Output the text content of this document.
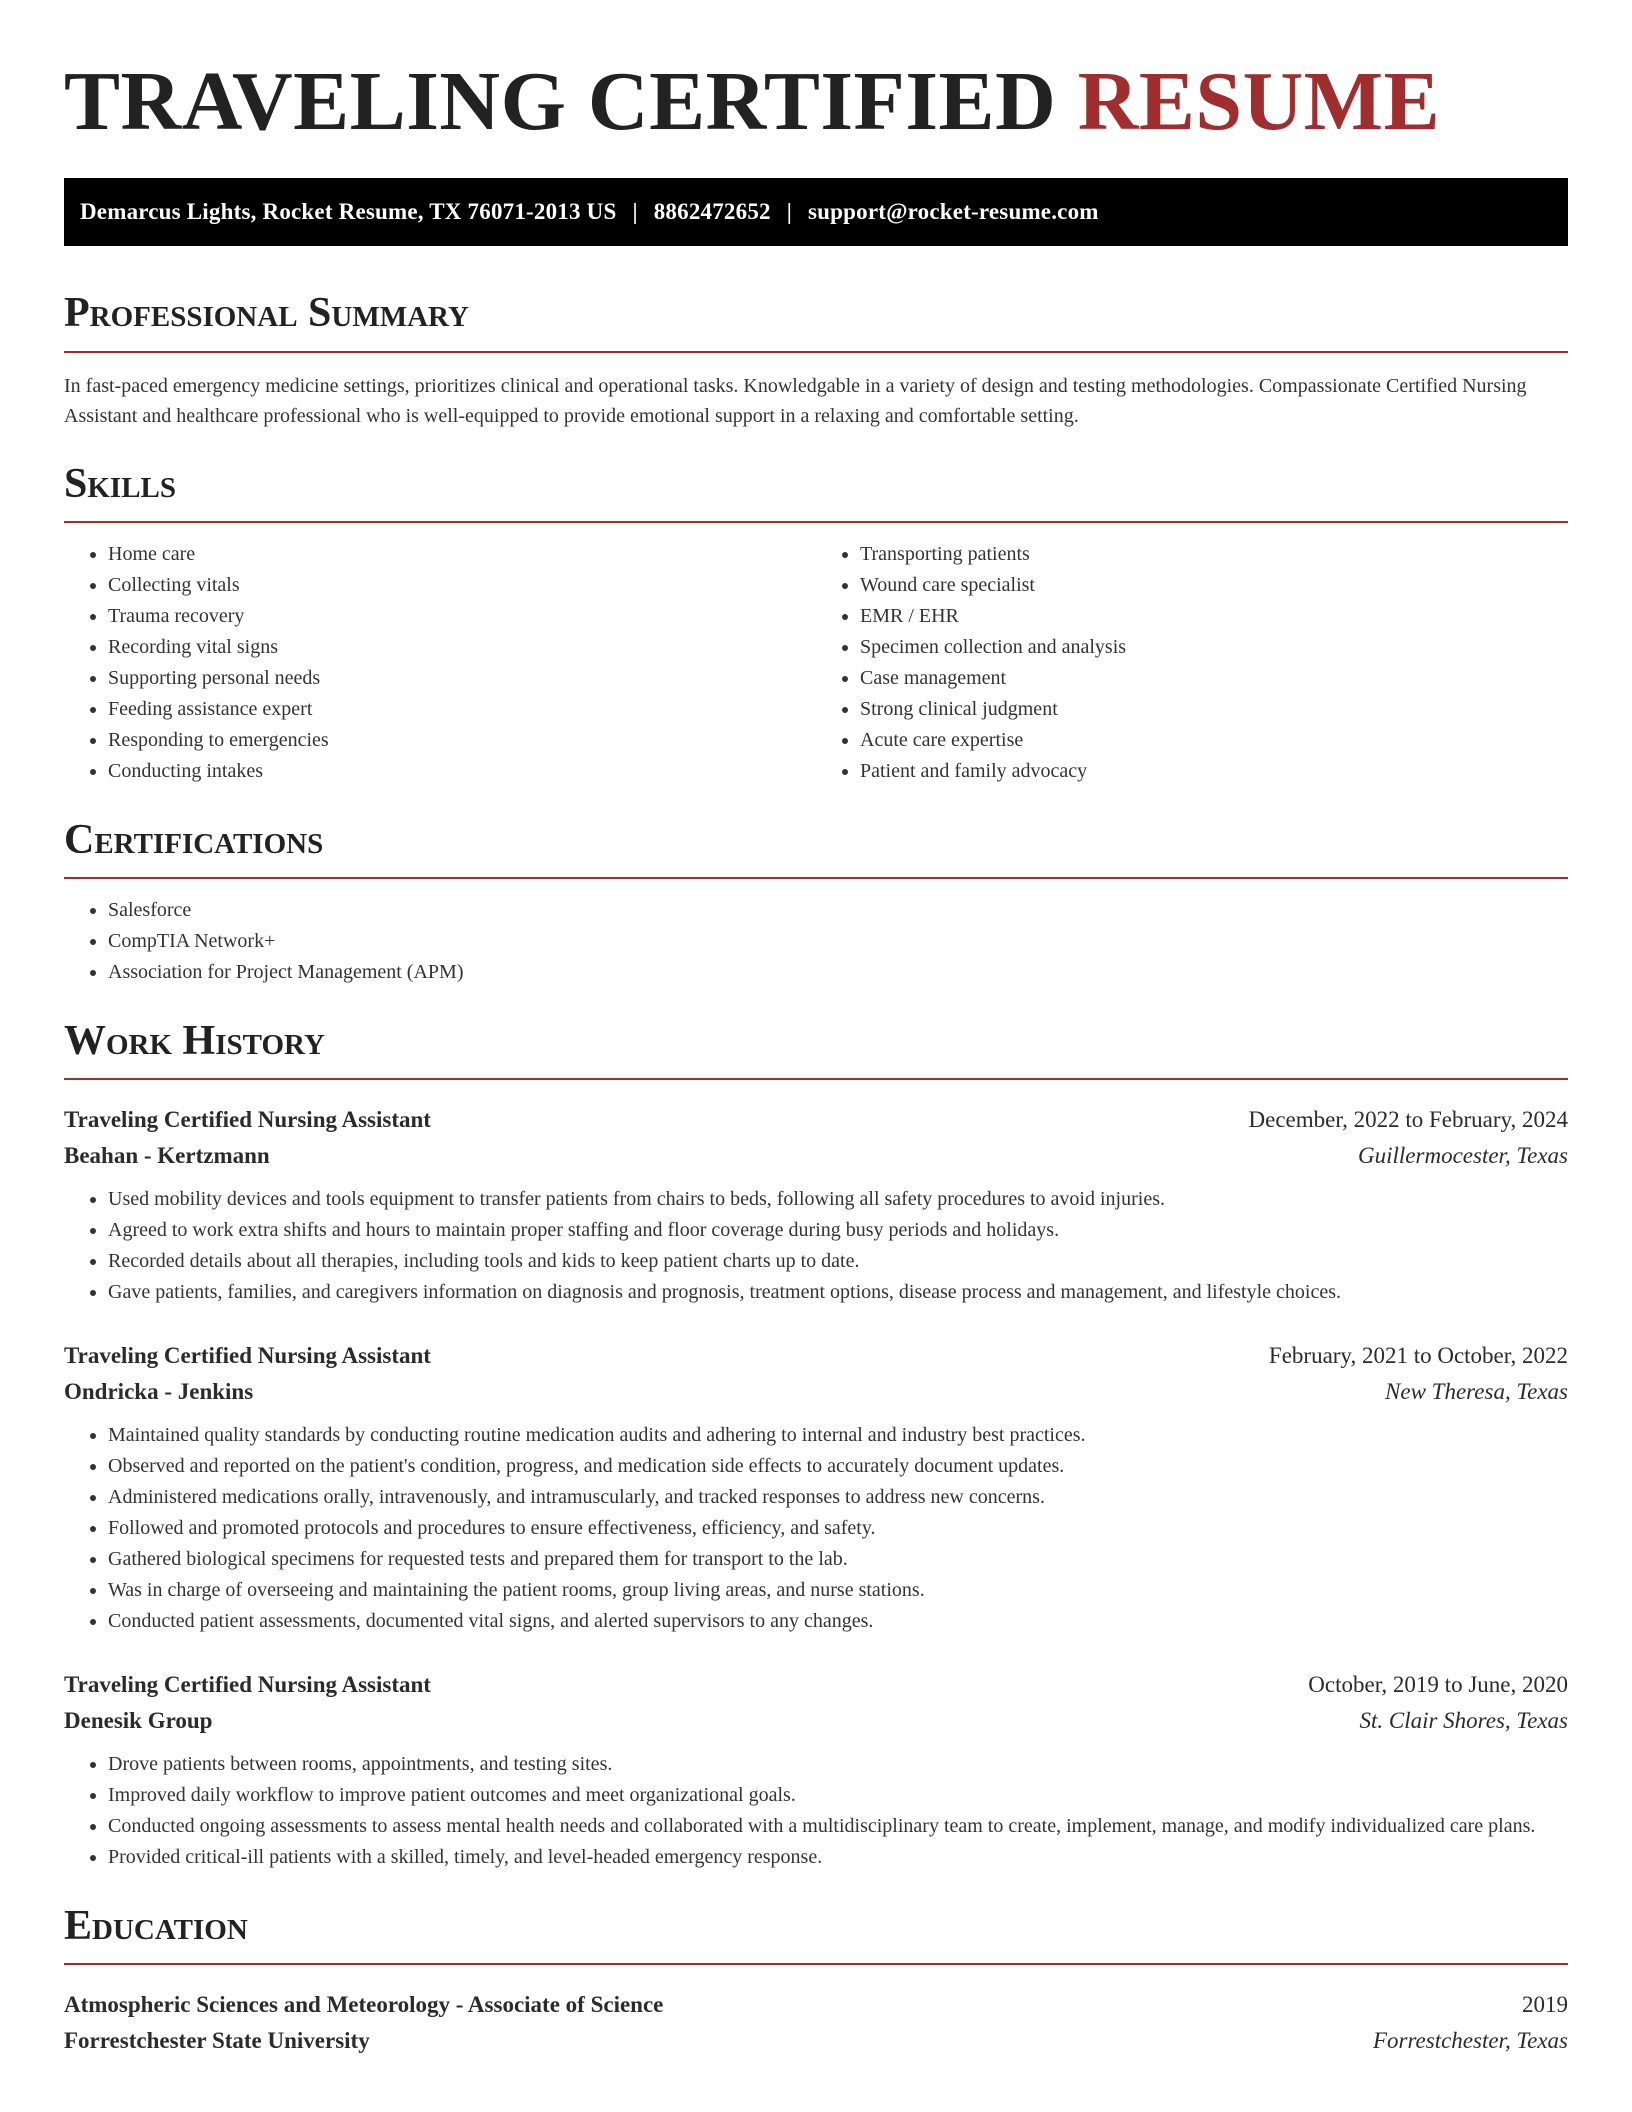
TRAVELING CERTIFIED RESUME
Demarcus Lights, Rocket Resume, TX 76071-2013 US | 8862472652 | support@rocket-resume.com
Professional Summary

In fast-paced emergency medicine settings, prioritizes clinical and operational tasks. Knowledgable in a variety of design and testing methodologies. Compassionate Certified Nursing Assistant and healthcare professional who is well-equipped to provide emotional support in a relaxing and comfortable setting.

Skills
• Home care
• Collecting vitals
• Trauma recovery
• Recording vital signs
• Supporting personal needs
• Feeding assistance expert
• Responding to emergencies
• Conducting intakes
• Transporting patients
• Wound care specialist
• EMR / EHR
• Specimen collection and analysis
• Case management
• Strong clinical judgment
• Acute care expertise
• Patient and family advocacy
Certifications
• Salesforce
• CompTIA Network+
• Association for Project Management (APM)
Work History
Traveling Certified Nursing Assistant	December, 2022 to February, 2024
Beahan - Kertzmann	Guillermocester, Texas
• Used mobility devices and tools equipment to transfer patients from chairs to beds, following all safety procedures to avoid injuries.
• Agreed to work extra shifts and hours to maintain proper staffing and floor coverage during busy periods and holidays.
• Recorded details about all therapies, including tools and kids to keep patient charts up to date.
• Gave patients, families, and caregivers information on diagnosis and prognosis, treatment options, disease process and management, and lifestyle choices.
Traveling Certified Nursing Assistant	February, 2021 to October, 2022
Ondricka - Jenkins	New Theresa, Texas
• Maintained quality standards by conducting routine medication audits and adhering to internal and industry best practices.
• Observed and reported on the patient's condition, progress, and medication side effects to accurately document updates.
• Administered medications orally, intravenously, and intramuscularly, and tracked responses to address new concerns.
• Followed and promoted protocols and procedures to ensure effectiveness, efficiency, and safety.
• Gathered biological specimens for requested tests and prepared them for transport to the lab.
• Was in charge of overseeing and maintaining the patient rooms, group living areas, and nurse stations.
• Conducted patient assessments, documented vital signs, and alerted supervisors to any changes.
Traveling Certified Nursing Assistant	October, 2019 to June, 2020
Denesik Group	St. Clair Shores, Texas
• Drove patients between rooms, appointments, and testing sites.
• Improved daily workflow to improve patient outcomes and meet organizational goals.
• Conducted ongoing assessments to assess mental health needs and collaborated with a multidisciplinary team to create, implement, manage, and modify individualized care plans.
• Provided critical-ill patients with a skilled, timely, and level-headed emergency response.
Education
Atmospheric Sciences and Meteorology - Associate of Science	2019
Forrestchester State University	Forrestchester, Texas
